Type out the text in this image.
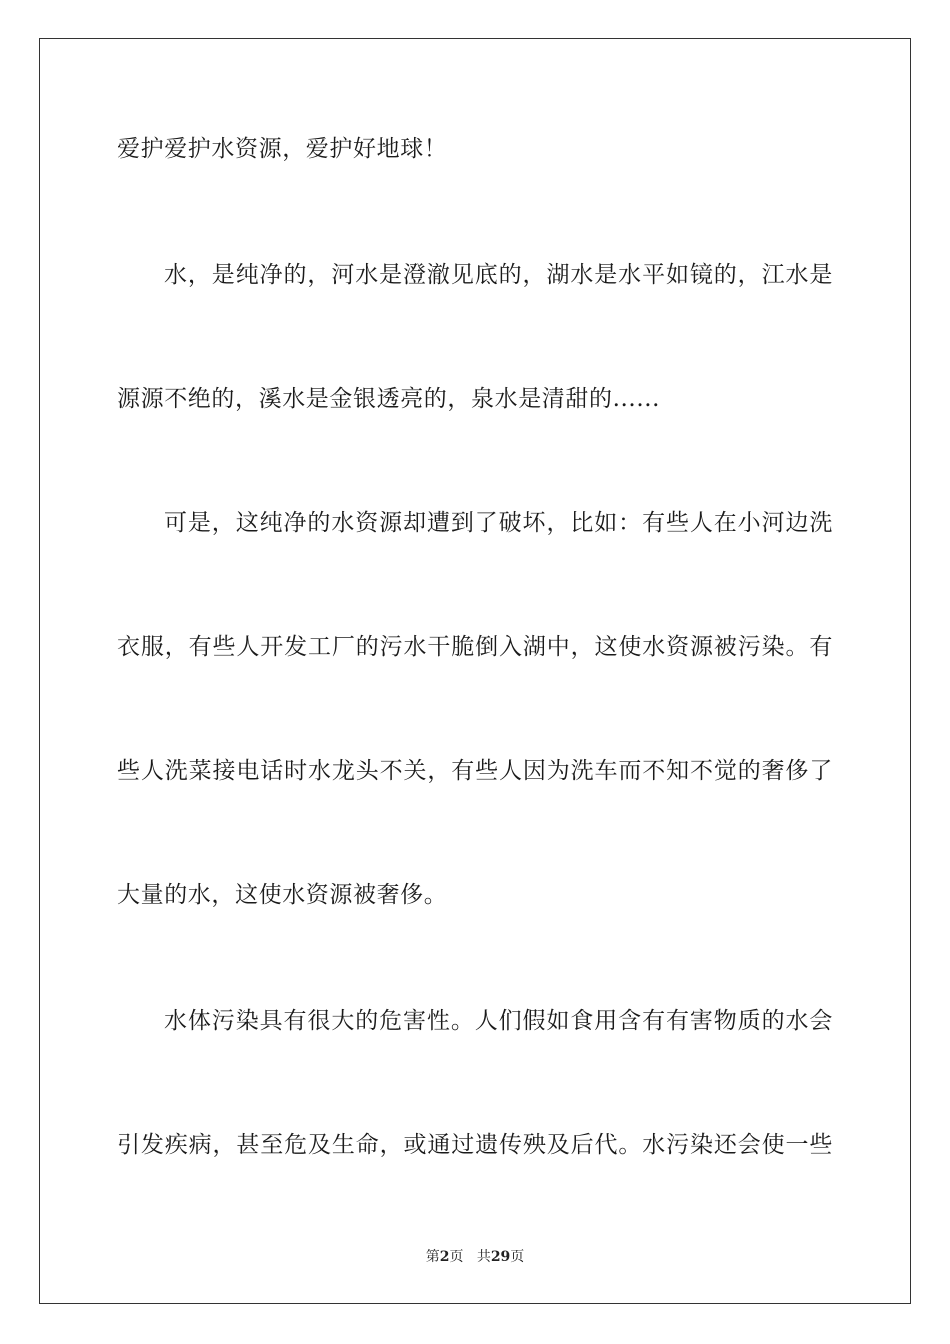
爱护爱护水资源，爱护好地球！
水，是纯净的，河水是澄澈见底的，湖水是水平如镜的，江水是
源源不绝的，溪水是金银透亮的，泉水是清甜的......
可是，这纯净的水资源却遭到了破坏，比如：有些人在小河边洗
衣服，有些人开发工厂的污水干脆倒入湖中，这使水资源被污染。有
些人洗菜接电话时水龙头不关，有些人因为洗车而不知不觉的奢侈了
大量的水，这使水资源被奢侈。
水体污染具有很大的危害性。人们假如食用含有有害物质的水会
引发疾病，甚至危及生命，或通过遗传殃及后代。水污染还会使一些
第2页 共29页
